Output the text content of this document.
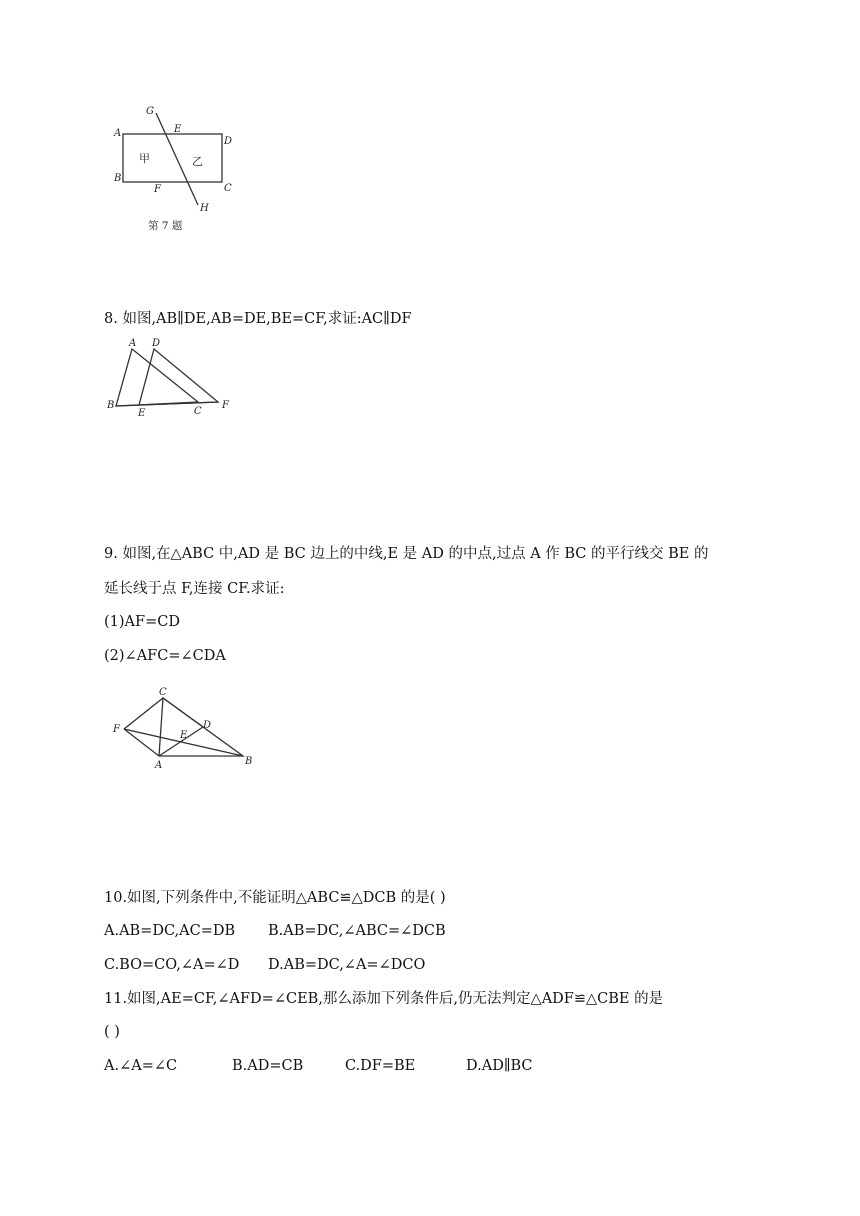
G
A	E
D
B
F	C
H
甲	乙
第 7 题
8. 如图,AB∥DE,AB=DE,BE=CF,求证:AC∥DF
A D
B
E	C
F
9. 如图,在△ABC 中,AD 是 BC 边上的中线,E 是 AD 的中点,过点 A 作 BC 的平行线交 BE 的
延长线于点 F,连接 CF.求证:
(1)AF=CD
(2)∠AFC=∠CDA
C
F	D
E
A	B
10.如图,下列条件中,不能证明△ABC≌△DCB 的是( )
A.AB=DC,AC=DB B.AB=DC,∠ABC=∠DCB
C.BO=CO,∠A=∠D D.AB=DC,∠A=∠DCO
11.如图,AE=CF,∠AFD=∠CEB,那么添加下列条件后,仍无法判定△ADF≌△CBE 的是
( )
A.∠A=∠C	B.AD=CB	C.DF=BE	D.AD∥BC
